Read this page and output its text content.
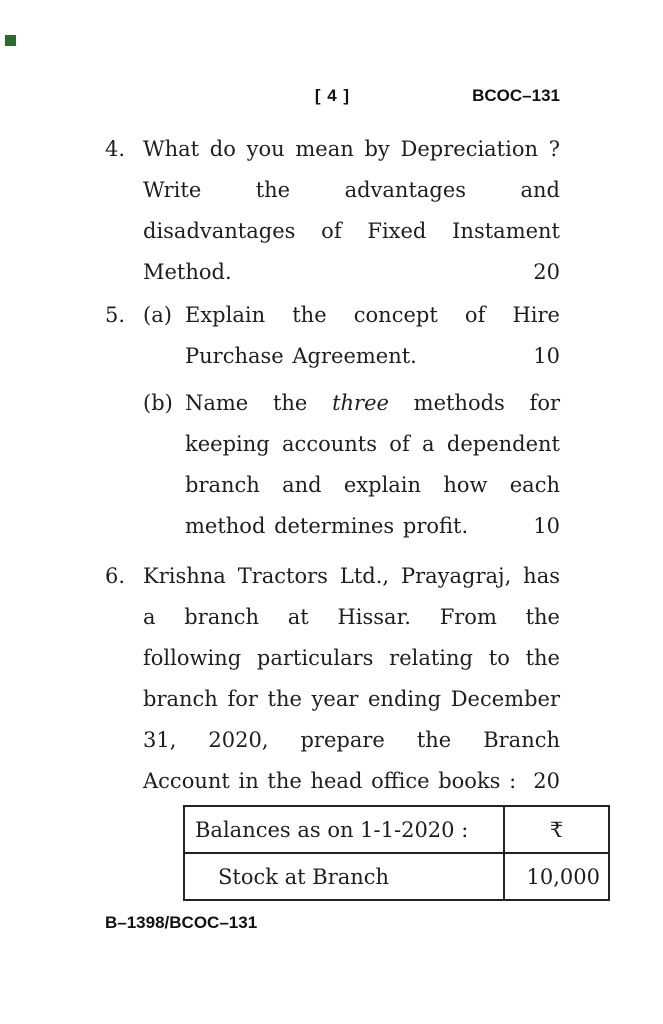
[ 4 ]	BCOC–131
4. What do you mean by Depreciation ? Write the advantages and disadvantages of Fixed Instament Method.	20

5. (a) Explain the concept of Hire Purchase Agreement.	10

(b) Name the three methods for keeping accounts of a dependent branch and explain how each method determines profit.	10

6. Krishna Tractors Ltd., Prayagraj, has a branch at Hissar. From the following particulars relating to the branch for the year ending December 31, 2020, prepare the Branch Account in the head office books : 20

Balances as on 1-1-2020 :	₹
Stock at Branch	10,000
B–1398/BCOC–131
